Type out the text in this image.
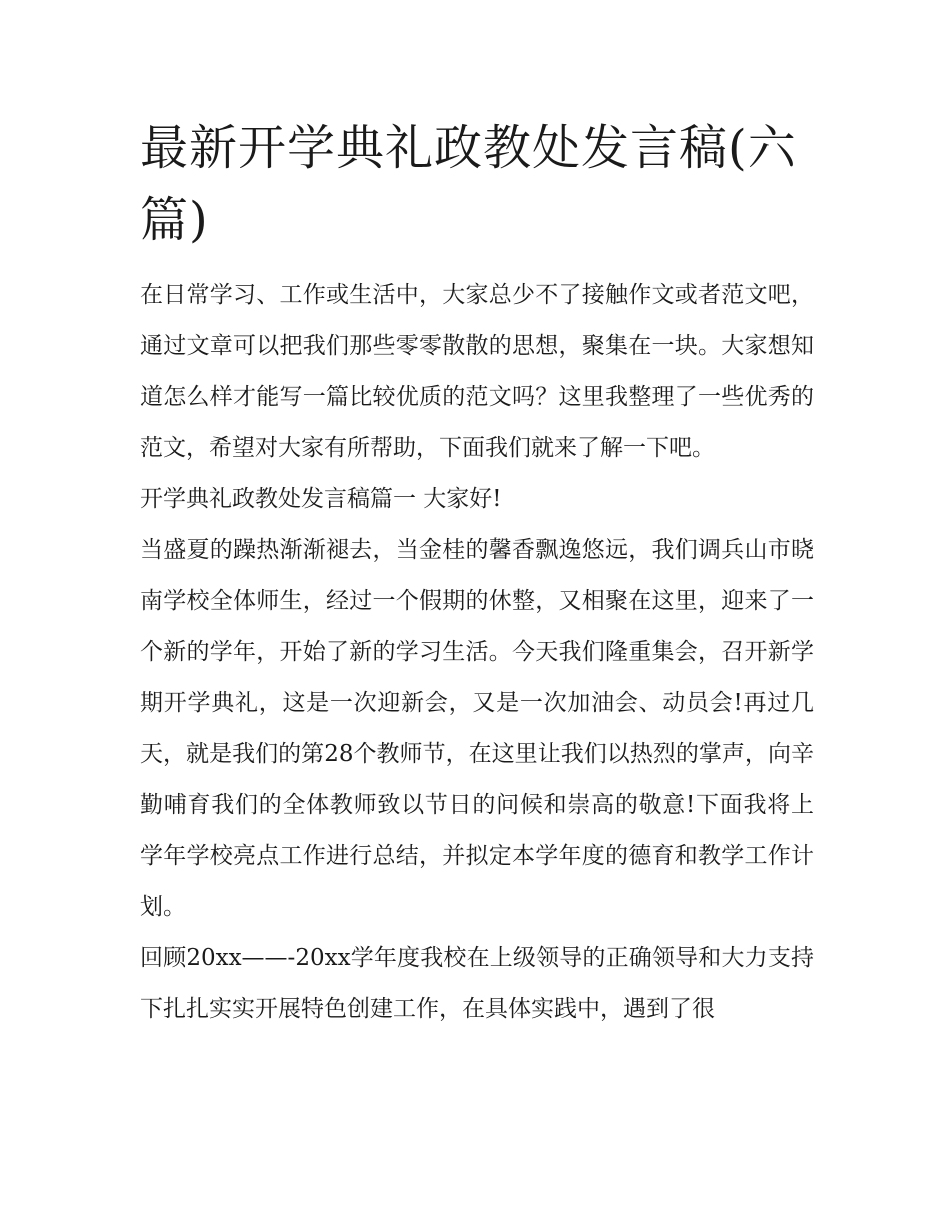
最新开学典礼政教处发言稿(六篇)

在日常学习、工作或生活中，大家总少不了接触作文或者范文吧，通过文章可以把我们那些零零散散的思想，聚集在一块。大家想知道怎么样才能写一篇比较优质的范文吗？这里我整理了一些优秀的范文，希望对大家有所帮助，下面我们就来了解一下吧。

开学典礼政教处发言稿篇一 大家好!

当盛夏的躁热渐渐褪去，当金桂的馨香飘逸悠远，我们调兵山市晓南学校全体师生，经过一个假期的休整，又相聚在这里，迎来了一个新的学年，开始了新的学习生活。今天我们隆重集会，召开新学期开学典礼，这是一次迎新会，又是一次加油会、动员会!再过几天，就是我们的第28个教师节，在这里让我们以热烈的掌声，向辛勤哺育我们的全体教师致以节日的问候和崇高的敬意!下面我将上学年学校亮点工作进行总结，并拟定本学年度的德育和教学工作计划。

回顾20xx——-20xx学年度我校在上级领导的正确领导和大力支持下扎扎实实开展特色创建工作，在具体实践中，遇到了很
